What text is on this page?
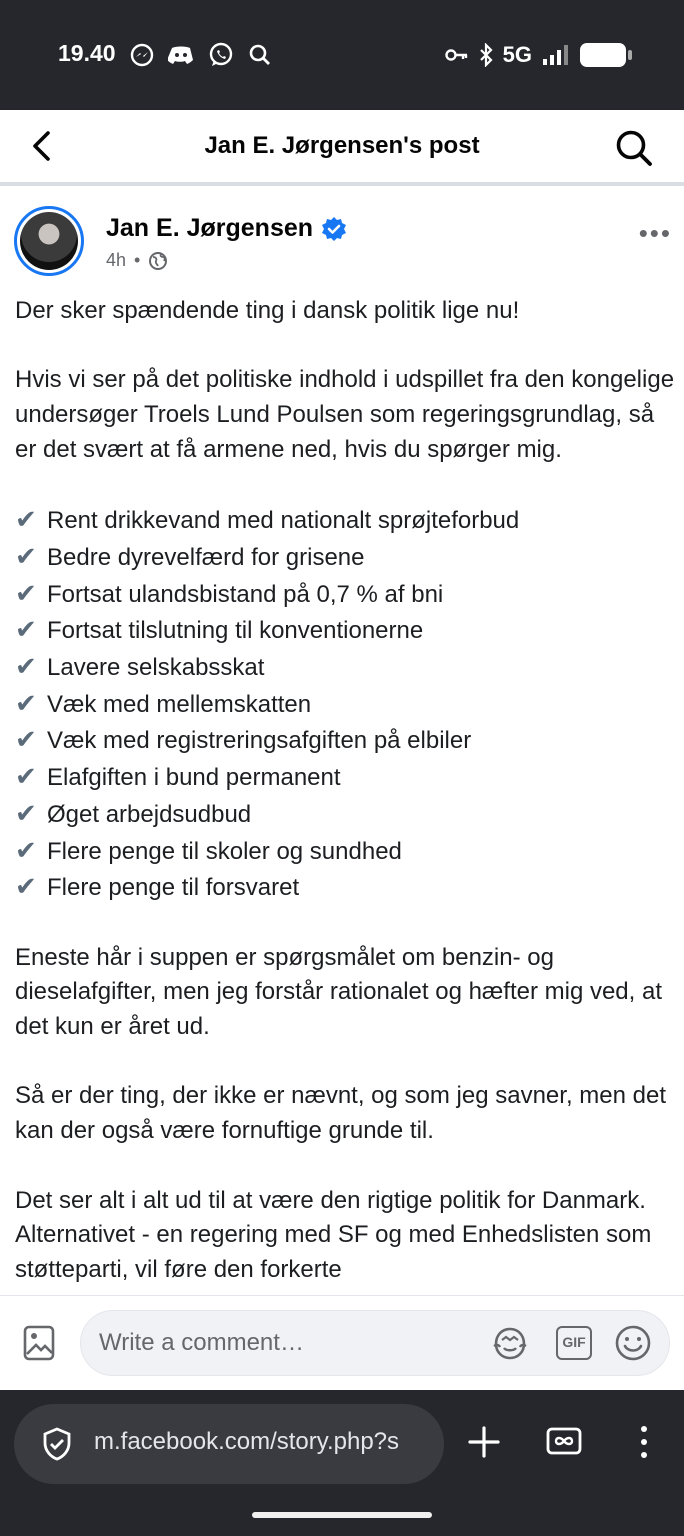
19.40	5G
Jan E. Jørgensen's post
Jan E. Jørgensen
4h •
•••

Der sker spændende ting i dansk politik lige nu!

Hvis vi ser på det politiske indhold i udspillet fra den kongelige undersøger Troels Lund Poulsen som regeringsgrundlag, så er det svært at få armene ned, hvis du spørger mig.

✔ Rent drikkevand med nationalt sprøjteforbud
✔ Bedre dyrevelfærd for grisene
✔ Fortsat ulandsbistand på 0,7 % af bni
✔ Fortsat tilslutning til konventionerne
✔ Lavere selskabsskat
✔ Væk med mellemskatten
✔ Væk med registreringsafgiften på elbiler
✔ Elafgiften i bund permanent
✔ Øget arbejdsudbud
✔ Flere penge til skoler og sundhed
✔ Flere penge til forsvaret

Eneste hår i suppen er spørgsmålet om benzin- og dieselafgifter, men jeg forstår rationalet og hæfter mig ved, at det kun er året ud.

Så er der ting, der ikke er nævnt, og som jeg savner, men det kan der også være fornuftige grunde til.

Det ser alt i alt ud til at være den rigtige politik for Danmark. Alternativet - en regering med SF og med Enhedslisten som støtteparti, vil føre den forkerte

Write a comment…
GIF
m.facebook.com/story.php?s
